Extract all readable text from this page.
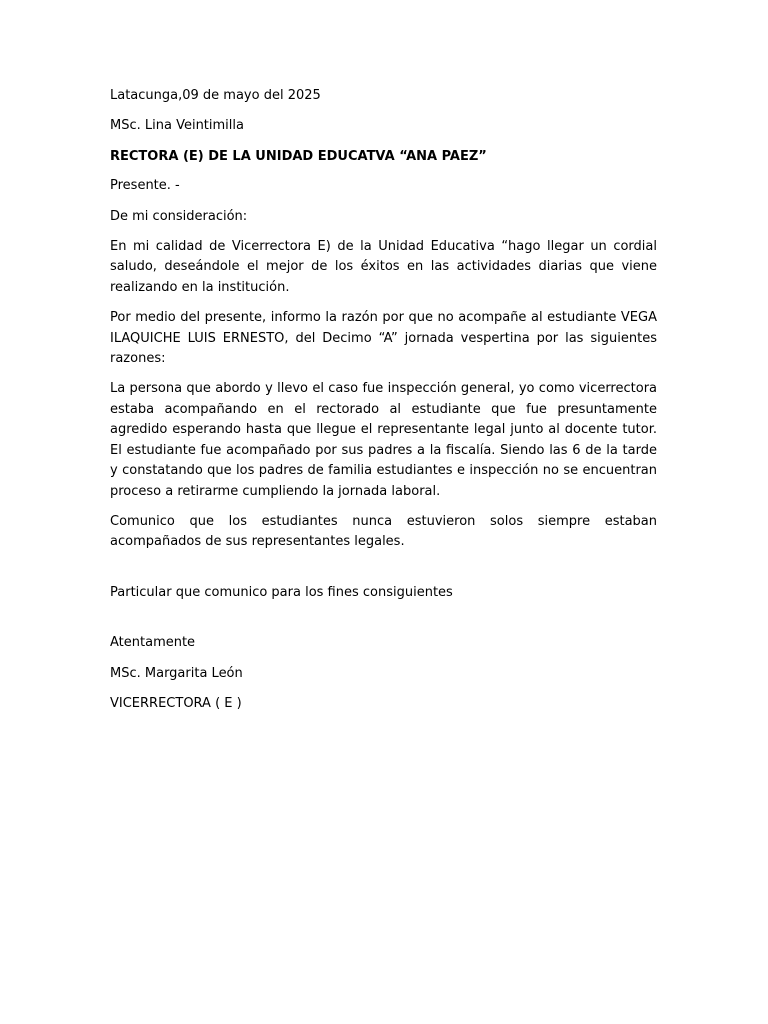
Latacunga,09 de mayo del 2025

MSc. Lina Veintimilla

RECTORA (E) DE LA UNIDAD EDUCATVA “ANA PAEZ”

Presente. -

De mi consideración:

En mi calidad de Vicerrectora E) de la Unidad Educativa “hago llegar un cordial saludo, deseándole el mejor de los éxitos en las actividades diarias que viene realizando en la institución.

Por medio del presente, informo la razón por que no acompañe al estudiante VEGA ILAQUICHE LUIS ERNESTO, del Decimo “A” jornada vespertina por las siguientes razones:

La persona que abordo y llevo el caso fue inspección general, yo como vicerrectora estaba acompañando en el rectorado al estudiante que fue presuntamente agredido esperando hasta que llegue el representante legal junto al docente tutor. El estudiante fue acompañado por sus padres a la fiscalía. Siendo las 6 de la tarde y constatando que los padres de familia estudiantes e inspección no se encuentran proceso a retirarme cumpliendo la jornada laboral.

Comunico que los estudiantes nunca estuvieron solos siempre estaban acompañados de sus representantes legales.

Particular que comunico para los fines consiguientes

Atentamente

MSc. Margarita León

VICERRECTORA ( E )
